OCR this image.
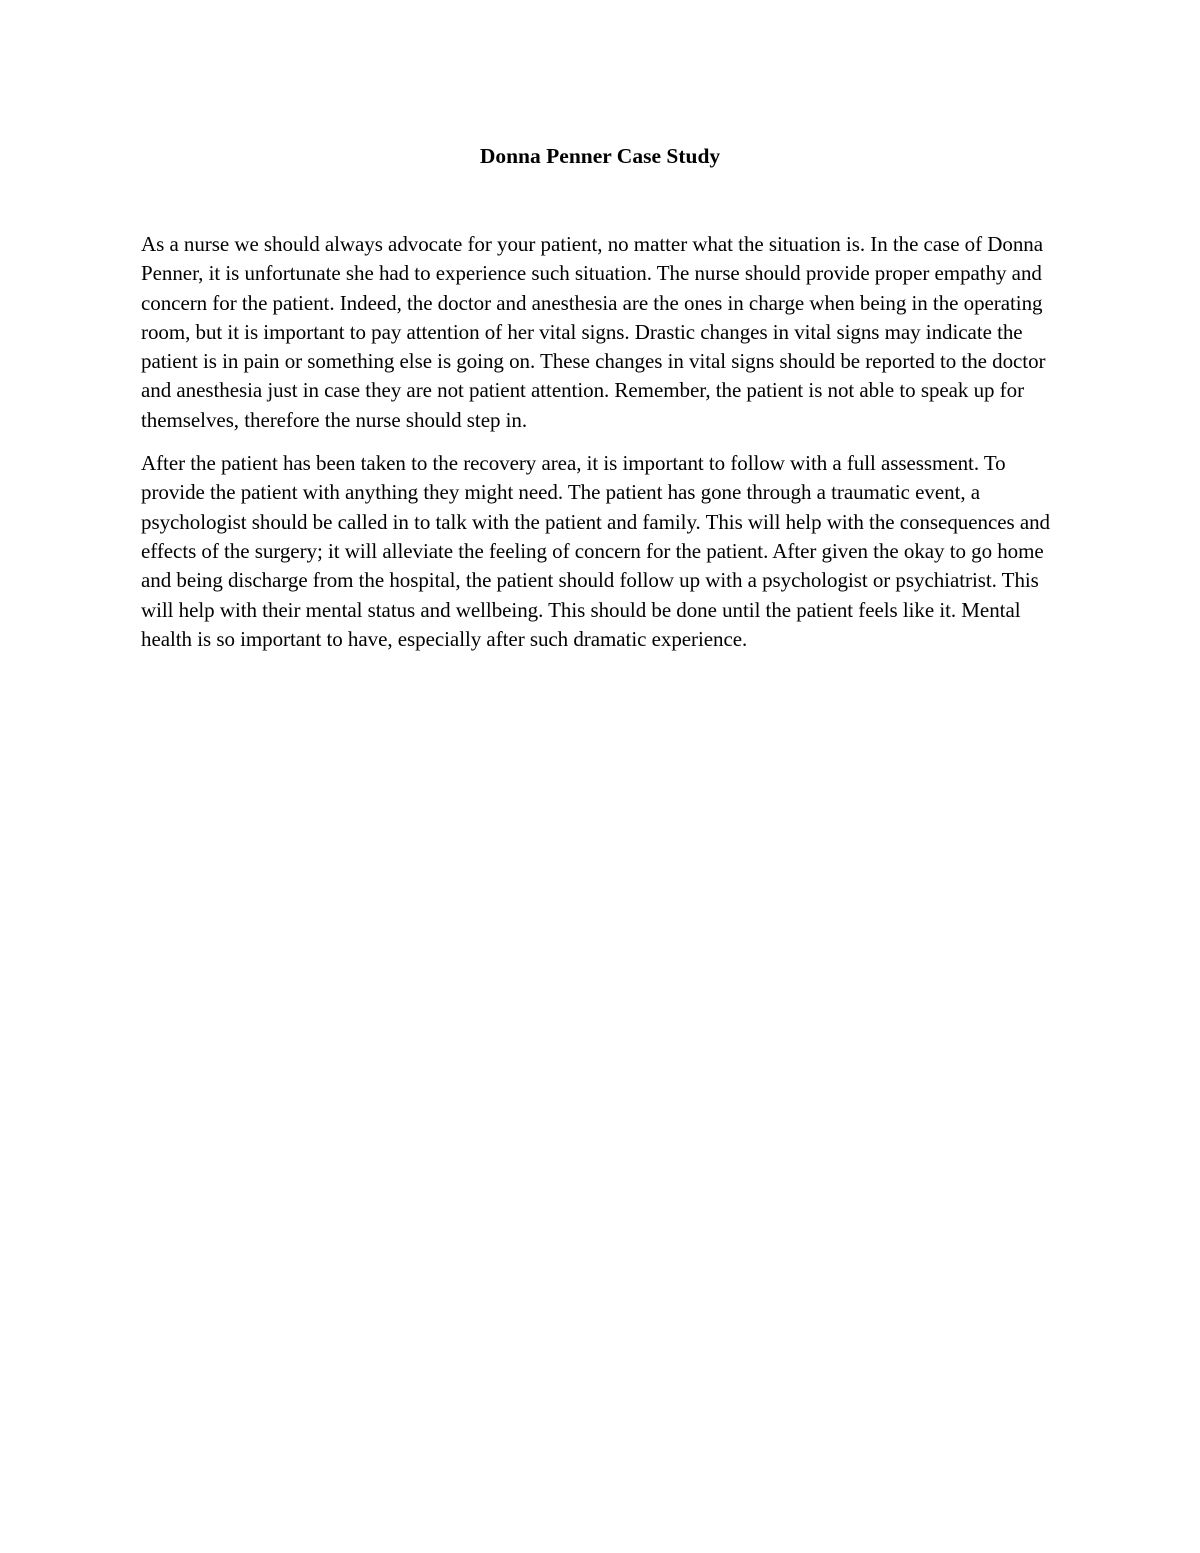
Donna Penner Case Study

As a nurse we should always advocate for your patient, no matter what the situation is. In the case of Donna Penner, it is unfortunate she had to experience such situation. The nurse should provide proper empathy and concern for the patient. Indeed, the doctor and anesthesia are the ones in charge when being in the operating room, but it is important to pay attention of her vital signs. Drastic changes in vital signs may indicate the patient is in pain or something else is going on. These changes in vital signs should be reported to the doctor and anesthesia just in case they are not patient attention. Remember, the patient is not able to speak up for themselves, therefore the nurse should step in.

After the patient has been taken to the recovery area, it is important to follow with a full assessment. To provide the patient with anything they might need. The patient has gone through a traumatic event, a psychologist should be called in to talk with the patient and family. This will help with the consequences and effects of the surgery; it will alleviate the feeling of concern for the patient. After given the okay to go home and being discharge from the hospital, the patient should follow up with a psychologist or psychiatrist. This will help with their mental status and wellbeing. This should be done until the patient feels like it. Mental health is so important to have, especially after such dramatic experience.
